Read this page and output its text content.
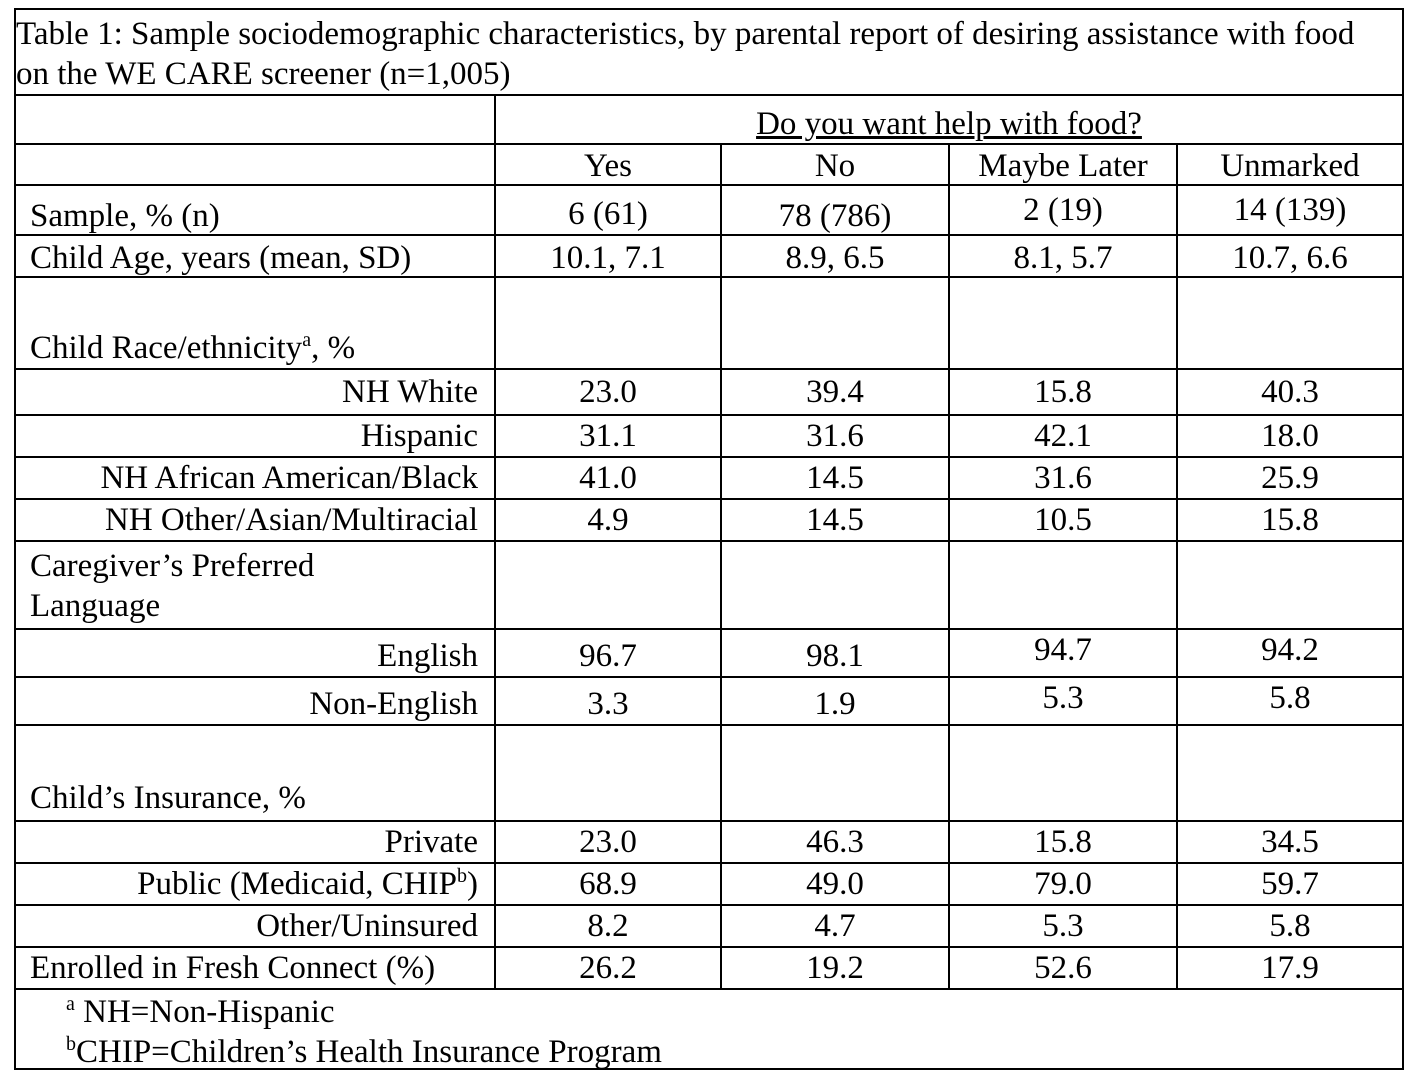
Table 1: Sample sociodemographic characteristics, by parental report of desiring assistance with food on the WE CARE screener (n=1,005)
Do you want help with food?
Yes	No	Maybe Later	Unmarked
Sample, % (n)	6 (61)	78 (786)	2 (19)	14 (139)
Child Age, years (mean, SD)	10.1, 7.1	8.9, 6.5	8.1, 5.7	10.7, 6.6
Child Race/ethnicity$^a$, %
NH White	23.0	39.4	15.8	40.3
Hispanic	31.1	31.6	42.1	18.0
NH African American/Black	41.0	14.5	31.6	25.9
NH Other/Asian/Multiracial	4.9	14.5	10.5	15.8
Caregiver’s Preferred
Language
English	96.7	98.1	94.7	94.2
Non-English	3.3	1.9	5.3	5.8
Child’s Insurance, %
Private	23.0	46.3	15.8	34.5
Public (Medicaid, CHIP$^b$)	68.9	49.0	79.0	59.7
Other/Uninsured	8.2	4.7	5.3	5.8
Enrolled in Fresh Connect (%)	26.2	19.2	52.6	17.9
$^a$ NH=Non-Hispanic
$^b$CHIP=Children’s Health Insurance Program
